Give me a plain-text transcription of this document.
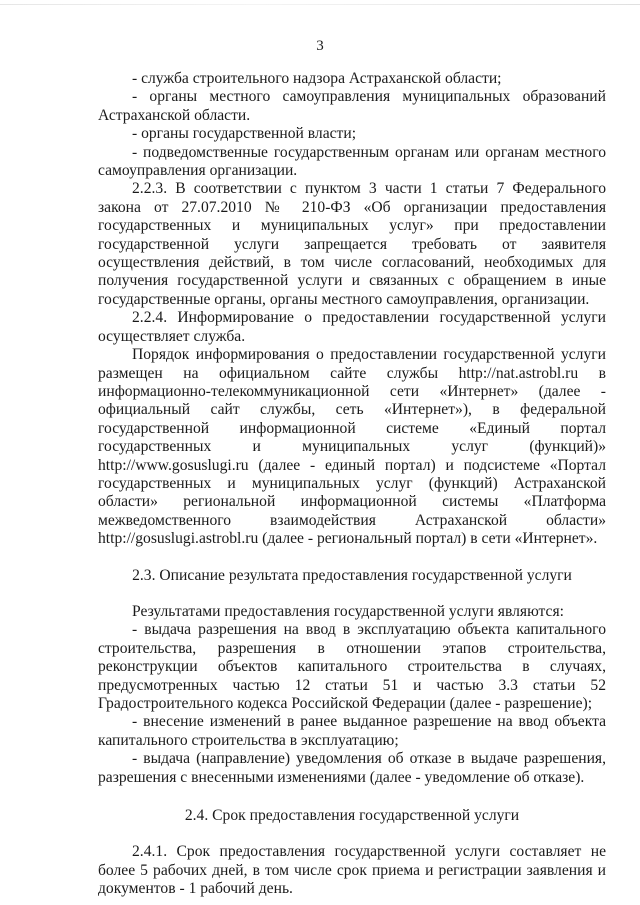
3

- служба строительного надзора Астраханской области;

- органы местного самоуправления муниципальных образований Астраханской области.

- органы государственной власти;

- подведомственные государственным органам или органам местного самоуправления организации.

2.2.3. В соответствии с пунктом 3 части 1 статьи 7 Федерального закона от 27.07.2010 № 210-ФЗ «Об организации предоставления государственных и муниципальных услуг» при предоставлении государственной услуги запрещается требовать от заявителя осуществления действий, в том числе согласований, необходимых для получения государственной услуги и связанных с обращением в иные государственные органы, органы местного самоуправления, организации.

2.2.4. Информирование о предоставлении государственной услуги осуществляет служба.

Порядок информирования о предоставлении государственной услуги размещен на официальном сайте службы http://nat.astrobl.ru в информационно-телекоммуникационной сети «Интернет» (далее - официальный сайт службы, сеть «Интернет»), в федеральной государственной информационной системе «Единый портал государственных и муниципальных услуг (функций)» http://www.gosuslugi.ru (далее - единый портал) и подсистеме «Портал государственных и муниципальных услуг (функций) Астраханской области» региональной информационной системы «Платформа межведомственного взаимодействия Астраханской области» http://gosuslugi.astrobl.ru (далее - региональный портал) в сети «Интернет».

2.3. Описание результата предоставления государственной услуги

Результатами предоставления государственной услуги являются:

- выдача разрешения на ввод в эксплуатацию объекта капитального строительства, разрешения в отношении этапов строительства, реконструкции объектов капитального строительства в случаях, предусмотренных частью 12 статьи 51 и частью 3.3 статьи 52 Градостроительного кодекса Российской Федерации (далее - разрешение);

- внесение изменений в ранее выданное разрешение на ввод объекта капитального строительства в эксплуатацию;

- выдача (направление) уведомления об отказе в выдаче разрешения, разрешения с внесенными изменениями (далее - уведомление об отказе).

2.4. Срок предоставления государственной услуги

2.4.1. Срок предоставления государственной услуги составляет не более 5 рабочих дней, в том числе срок приема и регистрации заявления и документов - 1 рабочий день.
